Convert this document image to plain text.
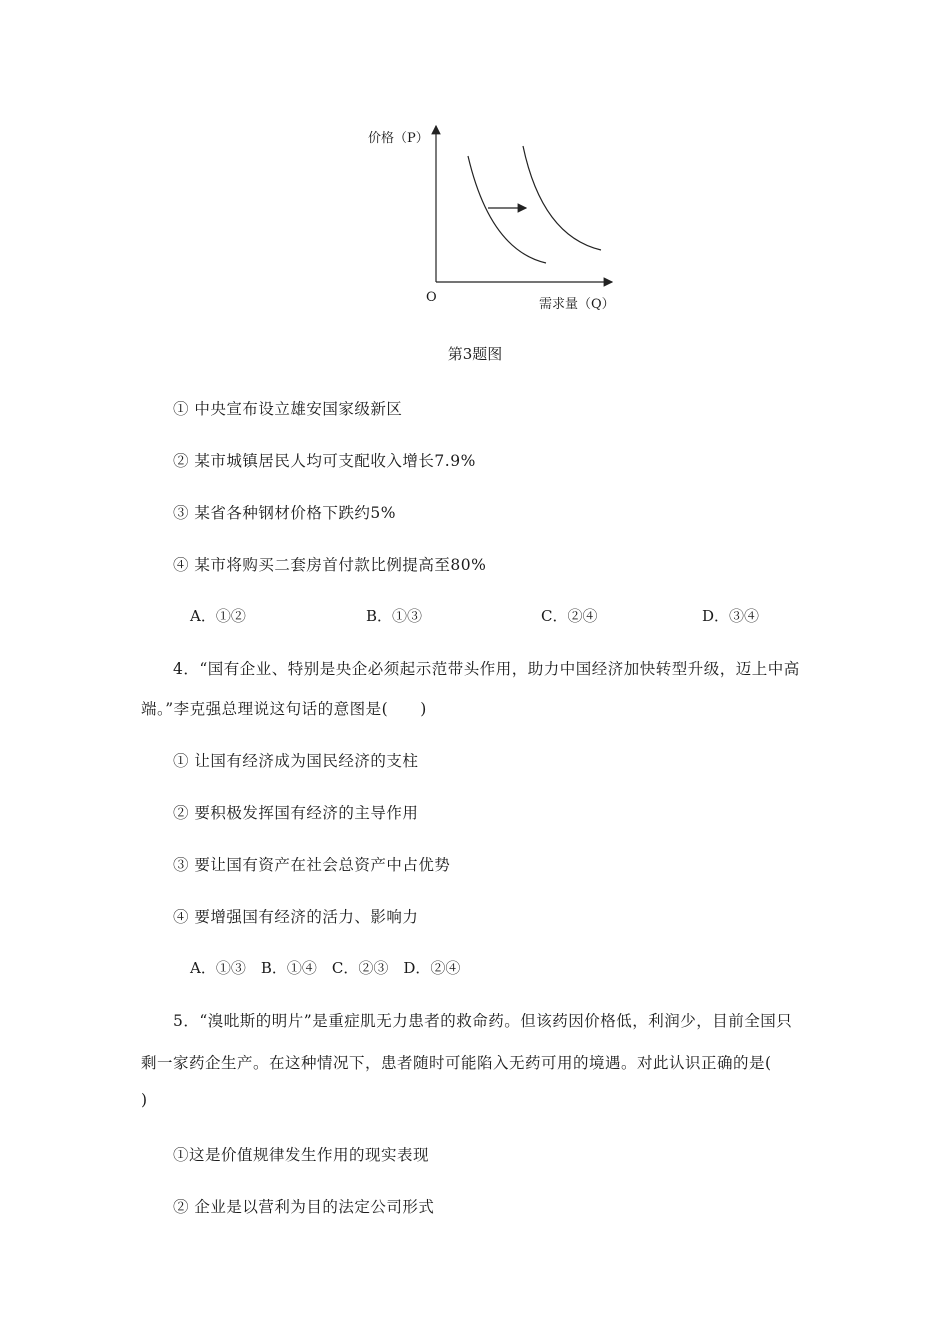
价格（P）
需求量（Q）
O
第3题图
① 中央宣布设立雄安国家级新区
② 某市城镇居民人均可支配收入增长7.9%
③ 某省各种钢材价格下跌约5%
④ 某市将购买二套房首付款比例提高至80%
A．①②	B．①③	C．②④	D．③④
4．“国有企业、特别是央企必须起示范带头作用，助力中国经济加快转型升级，迈上中高
端。”李克强总理说这句话的意图是(　　)
① 让国有经济成为国民经济的支柱
② 要积极发挥国有经济的主导作用
③ 要让国有资产在社会总资产中占优势
④ 要增强国有经济的活力、影响力
A．①③　B．①④　C．②③　D．②④
5．“溴吡斯的明片”是重症肌无力患者的救命药。但该药因价格低，利润少，目前全国只
剩一家药企生产。在这种情况下，患者随时可能陷入无药可用的境遇。对此认识正确的是(
)
①这是价值规律发生作用的现实表现
② 企业是以营利为目的法定公司形式
